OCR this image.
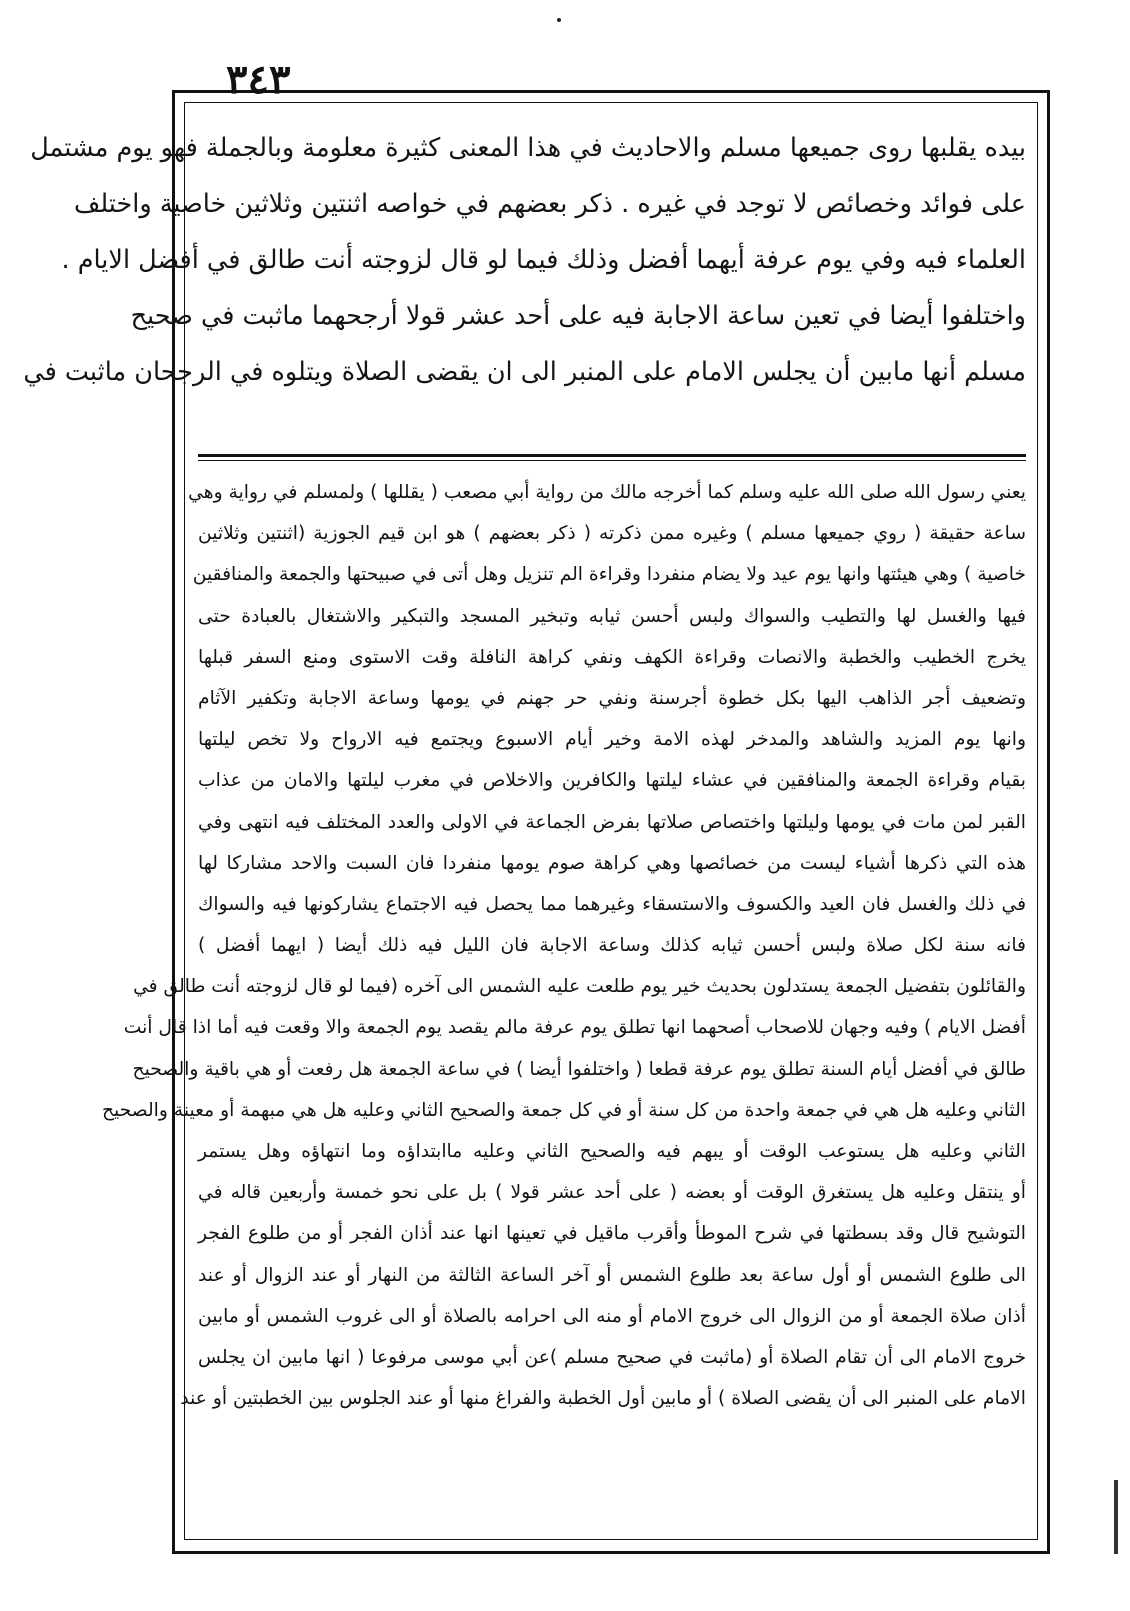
٣٤٣
بيده يقلبها روى جميعها مسلم والاحاديث في هذا المعنى كثيرة معلومة وبالجملة فهو يوم مشتمل
على فوائد وخصائص لا توجد في غيره . ذكر بعضهم في خواصه اثنتين وثلاثين خاصية واختلف
العلماء فيه وفي يوم عرفة أيهما أفضل وذلك فيما لو قال لزوجته أنت طالق في أفضل الايام .
واختلفوا أيضا في تعين ساعة الاجابة فيه على أحد عشر قولا أرجحهما ماثبت في صحيح
مسلم أنها مابين أن يجلس الامام على المنبر الى ان يقضى الصلاة ويتلوه في الرجحان ماثبت في
يعني رسول الله صلى الله عليه وسلم كما أخرجه مالك من رواية أبي مصعب ( يقللها ) ولمسلم في رواية وهي
ساعة حقيقة ( روي جميعها مسلم ) وغيره ممن ذكرته ( ذكر بعضهم ) هو ابن قيم الجوزية (اثنتين وثلاثين
خاصية ) وهي هيئتها وانها يوم عيد ولا يضام منفردا وقراءة الم تنزيل وهل أتى في صبيحتها والجمعة والمنافقين
فيها والغسل لها والتطيب والسواك ولبس أحسن ثيابه وتبخير المسجد والتبكير والاشتغال بالعبادة حتى
يخرج الخطيب والخطبة والانصات وقراءة الكهف ونفي كراهة النافلة وقت الاستوى ومنع السفر قبلها
وتضعيف أجر الذاهب اليها بكل خطوة أجرسنة ونفي حر جهنم في يومها وساعة الاجابة وتكفير الآثام
وانها يوم المزيد والشاهد والمدخر لهذه الامة وخير أيام الاسبوع ويجتمع فيه الارواح ولا تخص ليلتها
بقيام وقراءة الجمعة والمنافقين في عشاء ليلتها والكافرين والاخلاص في مغرب ليلتها والامان من عذاب
القبر لمن مات في يومها وليلتها واختصاص صلاتها بفرض الجماعة في الاولى والعدد المختلف فيه انتهى وفي
هذه التي ذكرها أشياء ليست من خصائصها وهي كراهة صوم يومها منفردا فان السبت والاحد مشاركا لها
في ذلك والغسل فان العيد والكسوف والاستسقاء وغيرهما مما يحصل فيه الاجتماع يشاركونها فيه والسواك
فانه سنة لكل صلاة ولبس أحسن ثيابه كذلك وساعة الاجابة فان الليل فيه ذلك أيضا ( ايهما أفضل )
والقائلون بتفضيل الجمعة يستدلون بحديث خير يوم طلعت عليه الشمس الى آخره (فيما لو قال لزوجته أنت طالق في
أفضل الايام ) وفيه وجهان للاصحاب أصحهما انها تطلق يوم عرفة مالم يقصد يوم الجمعة والا وقعت فيه أما اذا قال أنت
طالق في أفضل أيام السنة تطلق يوم عرفة قطعا ( واختلفوا أيضا ) في ساعة الجمعة هل رفعت أو هي باقية والصحيح
الثاني وعليه هل هي في جمعة واحدة من كل سنة أو في كل جمعة والصحيح الثاني وعليه هل هي مبهمة أو معينة والصحيح
الثاني وعليه هل يستوعب الوقت أو يبهم فيه والصحيح الثاني وعليه ماابتداؤه وما انتهاؤه وهل يستمر
أو ينتقل وعليه هل يستغرق الوقت أو بعضه ( على أحد عشر قولا ) بل على نحو خمسة وأربعين قاله في
التوشيح قال وقد بسطتها في شرح الموطأ وأقرب ماقيل في تعينها انها عند أذان الفجر أو من طلوع الفجر
الى طلوع الشمس أو أول ساعة بعد طلوع الشمس أو آخر الساعة الثالثة من النهار أو عند الزوال أو عند
أذان صلاة الجمعة أو من الزوال الى خروج الامام أو منه الى احرامه بالصلاة أو الى غروب الشمس أو مابين
خروج الامام الى أن تقام الصلاة أو (ماثبت في صحيح مسلم )عن أبي موسى مرفوعا ( انها مابين ان يجلس
الامام على المنبر الى أن يقضى الصلاة ) أو مابين أول الخطبة والفراغ منها أو عند الجلوس بين الخطبتين أو عند
